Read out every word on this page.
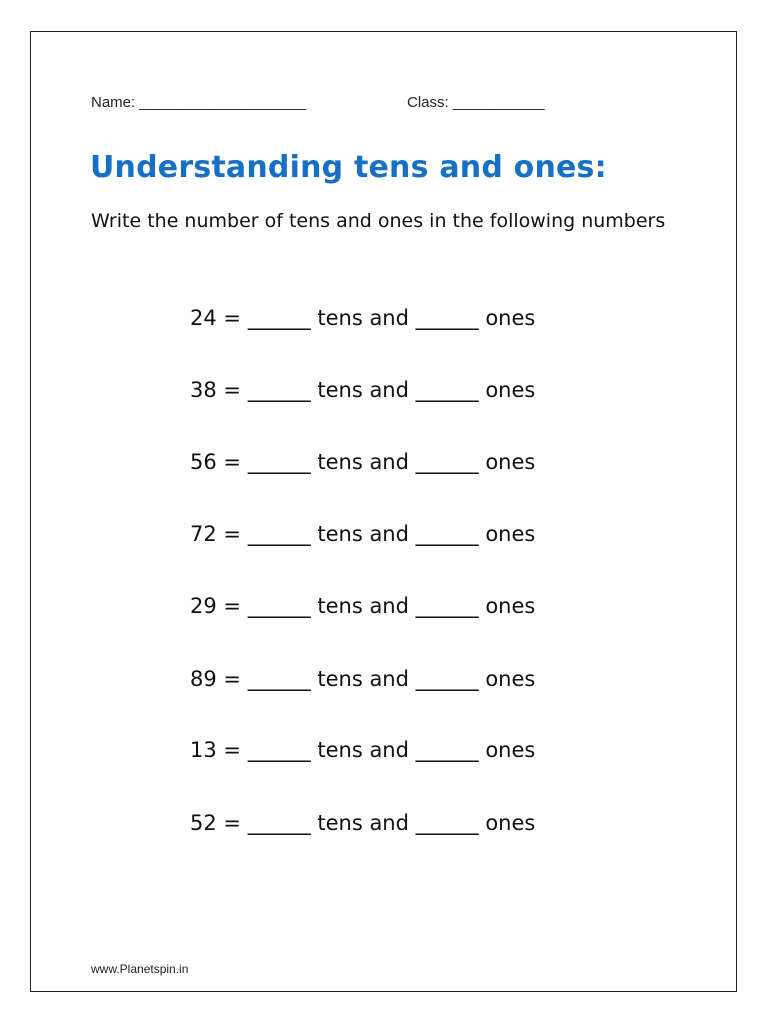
Name: ____________________	Class: ___________
Understanding tens and ones:

Write the number of tens and ones in the following numbers

24 = ______ tens and ______ ones
38 = ______ tens and ______ ones
56 = ______ tens and ______ ones
72 = ______ tens and ______ ones
29 = ______ tens and ______ ones
89 = ______ tens and ______ ones
13 = ______ tens and ______ ones
52 = ______ tens and ______ ones
www.Planetspin.in
